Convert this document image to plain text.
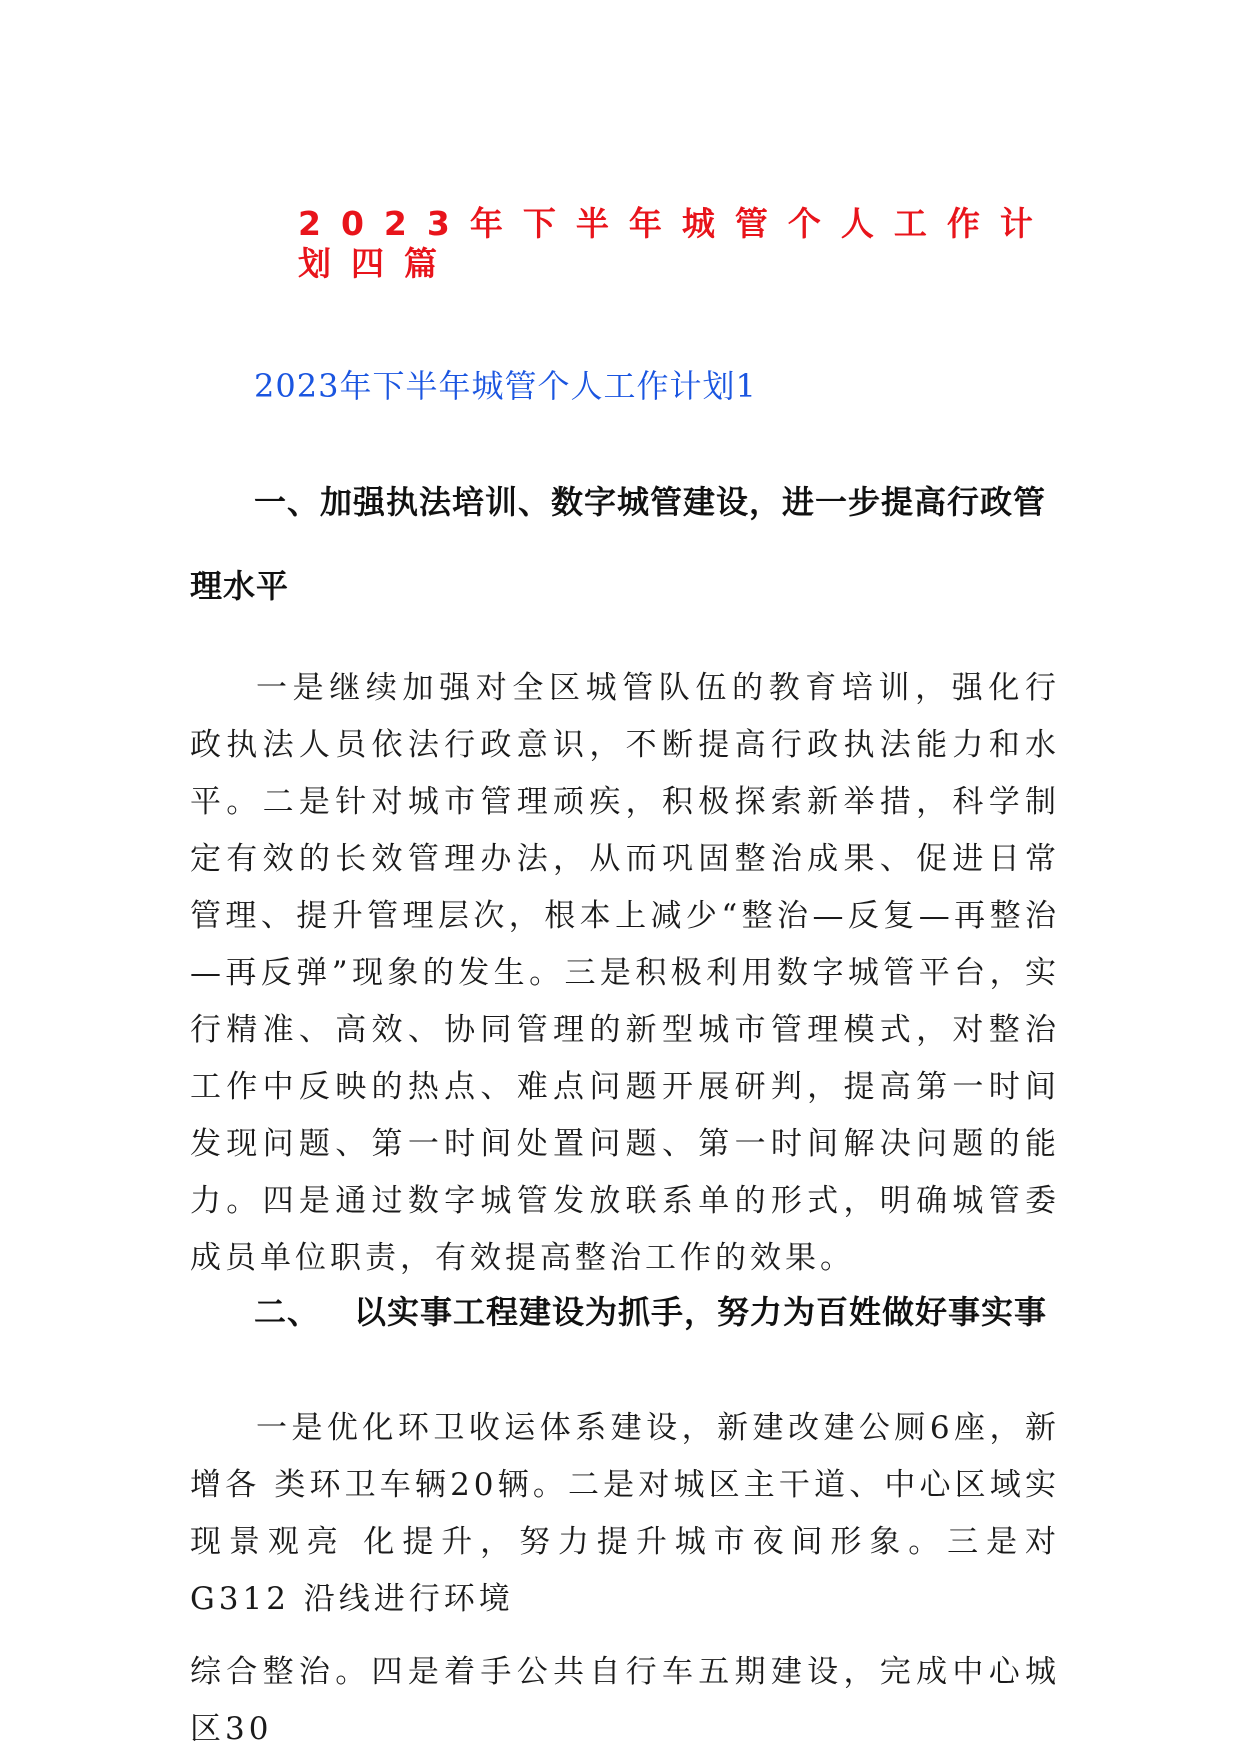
2023年下半年城管个人工作计划四篇
2023年下半年城管个人工作计划1
一、加强执法培训、数字城管建设，进一步提高行政管理水平

一是继续加强对全区城管队伍的教育培训，强化行政执法人员依法行政意识，不断提高行政执法能力和水平。二是针对城市管理顽疾，积极探索新举措，科学制定有效的长效管理办法，从而巩固整治成果、促进日常管理、提升管理层次，根本上减少“整治—反复—再整治—再反弹”现象的发生。三是积极利用数字城管平台，实行精准、高效、协同管理的新型城市管理模式，对整治工作中反映的热点、难点问题开展研判，提高第一时间发现问题、第一时间处置问题、第一时间解决问题的能力。四是通过数字城管发放联系单的形式，明确城管委成员单位职责，有效提高整治工作的效果。

二、 以实事工程建设为抓手，努力为百姓做好事实事

一是优化环卫收运体系建设，新建改建公厕6座，新增各 类环卫车辆20辆。二是对城区主干道、中心区域实现景观亮 化提升，努力提升城市夜间形象。三是对G312 沿线进行环境

综合整治。四是着手公共自行车五期建设，完成中心城区30
